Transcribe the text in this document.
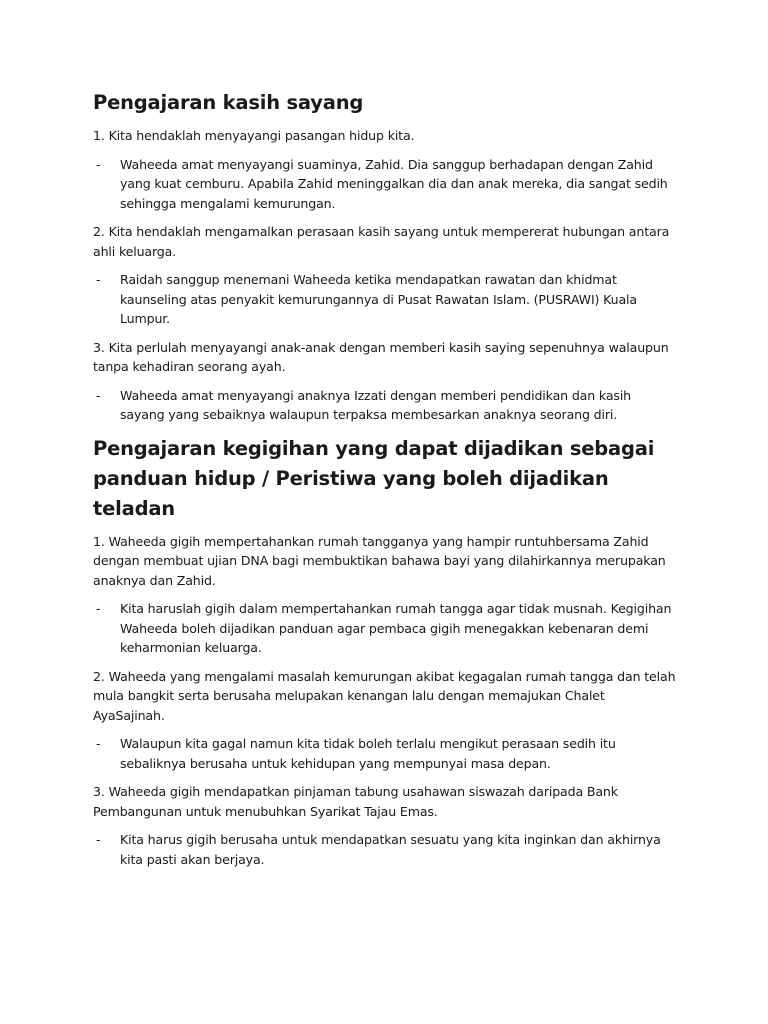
Pengajaran kasih sayang

1. Kita hendaklah menyayangi pasangan hidup kita.

- Waheeda amat menyayangi suaminya, Zahid. Dia sanggup berhadapan dengan Zahid yang kuat cemburu. Apabila Zahid meninggalkan dia dan anak mereka, dia sangat sedih sehingga mengalami kemurungan.

2. Kita hendaklah mengamalkan perasaan kasih sayang untuk mempererat hubungan antara ahli keluarga.

- Raidah sanggup menemani Waheeda ketika mendapatkan rawatan dan khidmat kaunseling atas penyakit kemurungannya di Pusat Rawatan Islam. (PUSRAWI) Kuala Lumpur.

3. Kita perlulah menyayangi anak-anak dengan memberi kasih saying sepenuhnya walaupun tanpa kehadiran seorang ayah.

- Waheeda amat menyayangi anaknya Izzati dengan memberi pendidikan dan kasih sayang yang sebaiknya walaupun terpaksa membesarkan anaknya seorang diri.
Pengajaran kegigihan yang dapat dijadikan sebagai panduan hidup / Peristiwa yang boleh dijadikan teladan

1. Waheeda gigih mempertahankan rumah tangganya yang hampir runtuhbersama Zahid dengan membuat ujian DNA bagi membuktikan bahawa bayi yang dilahirkannya merupakan anaknya dan Zahid.

- Kita haruslah gigih dalam mempertahankan rumah tangga agar tidak musnah. Kegigihan Waheeda boleh dijadikan panduan agar pembaca gigih menegakkan kebenaran demi keharmonian keluarga.

2. Waheeda yang mengalami masalah kemurungan akibat kegagalan rumah tangga dan telah mula bangkit serta berusaha melupakan kenangan lalu dengan memajukan Chalet AyaSajinah.

- Walaupun kita gagal namun kita tidak boleh terlalu mengikut perasaan sedih itu sebaliknya berusaha untuk kehidupan yang mempunyai masa depan.

3. Waheeda gigih mendapatkan pinjaman tabung usahawan siswazah daripada Bank Pembangunan untuk menubuhkan Syarikat Tajau Emas.

- Kita harus gigih berusaha untuk mendapatkan sesuatu yang kita inginkan dan akhirnya kita pasti akan berjaya.
